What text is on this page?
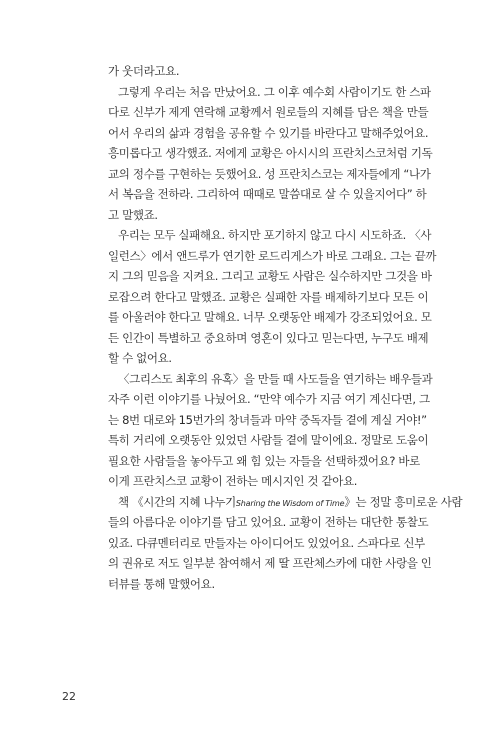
가 웃더라고요.
그렇게 우리는 처음 만났어요. 그 이후 예수회 사람이기도 한 스파
다로 신부가 제게 연락해 교황께서 원로들의 지혜를 담은 책을 만들
어서 우리의 삶과 경험을 공유할 수 있기를 바란다고 말해주었어요.
흥미롭다고 생각했죠. 저에게 교황은 아시시의 프란치스코처럼 기독
교의 정수를 구현하는 듯했어요. 성 프란치스코는 제자들에게 “나가
서 복음을 전하라. 그리하여 때때로 말씀대로 살 수 있을지어다” 하
고 말했죠.
우리는 모두 실패해요. 하지만 포기하지 않고 다시 시도하죠. 〈사
일런스〉에서 앤드루가 연기한 로드리게스가 바로 그래요. 그는 끝까
지 그의 믿음을 지켜요. 그리고 교황도 사람은 실수하지만 그것을 바
로잡으려 한다고 말했죠. 교황은 실패한 자를 배제하기보다 모든 이
를 아울러야 한다고 말해요. 너무 오랫동안 배제가 강조되었어요. 모
든 인간이 특별하고 중요하며 영혼이 있다고 믿는다면, 누구도 배제
할 수 없어요.
〈그리스도 최후의 유혹〉을 만들 때 사도들을 연기하는 배우들과
자주 이런 이야기를 나눴어요. “만약 예수가 지금 여기 계신다면, 그
는 8번 대로와 15번가의 창녀들과 마약 중독자들 곁에 계실 거야!”
특히 거리에 오랫동안 있었던 사람들 곁에 말이에요. 정말로 도움이
필요한 사람들을 놓아두고 왜 힘 있는 자들을 선택하겠어요? 바로
이게 프란치스코 교황이 전하는 메시지인 것 같아요.
책 《시간의 지혜 나누기Sharing the Wisdom of Time》는 정말 흥미로운 사람
들의 아름다운 이야기를 담고 있어요. 교황이 전하는 대단한 통찰도
있죠. 다큐멘터리로 만들자는 아이디어도 있었어요. 스파다로 신부
의 권유로 저도 일부분 참여해서 제 딸 프란체스카에 대한 사랑을 인
터뷰를 통해 말했어요.
22
